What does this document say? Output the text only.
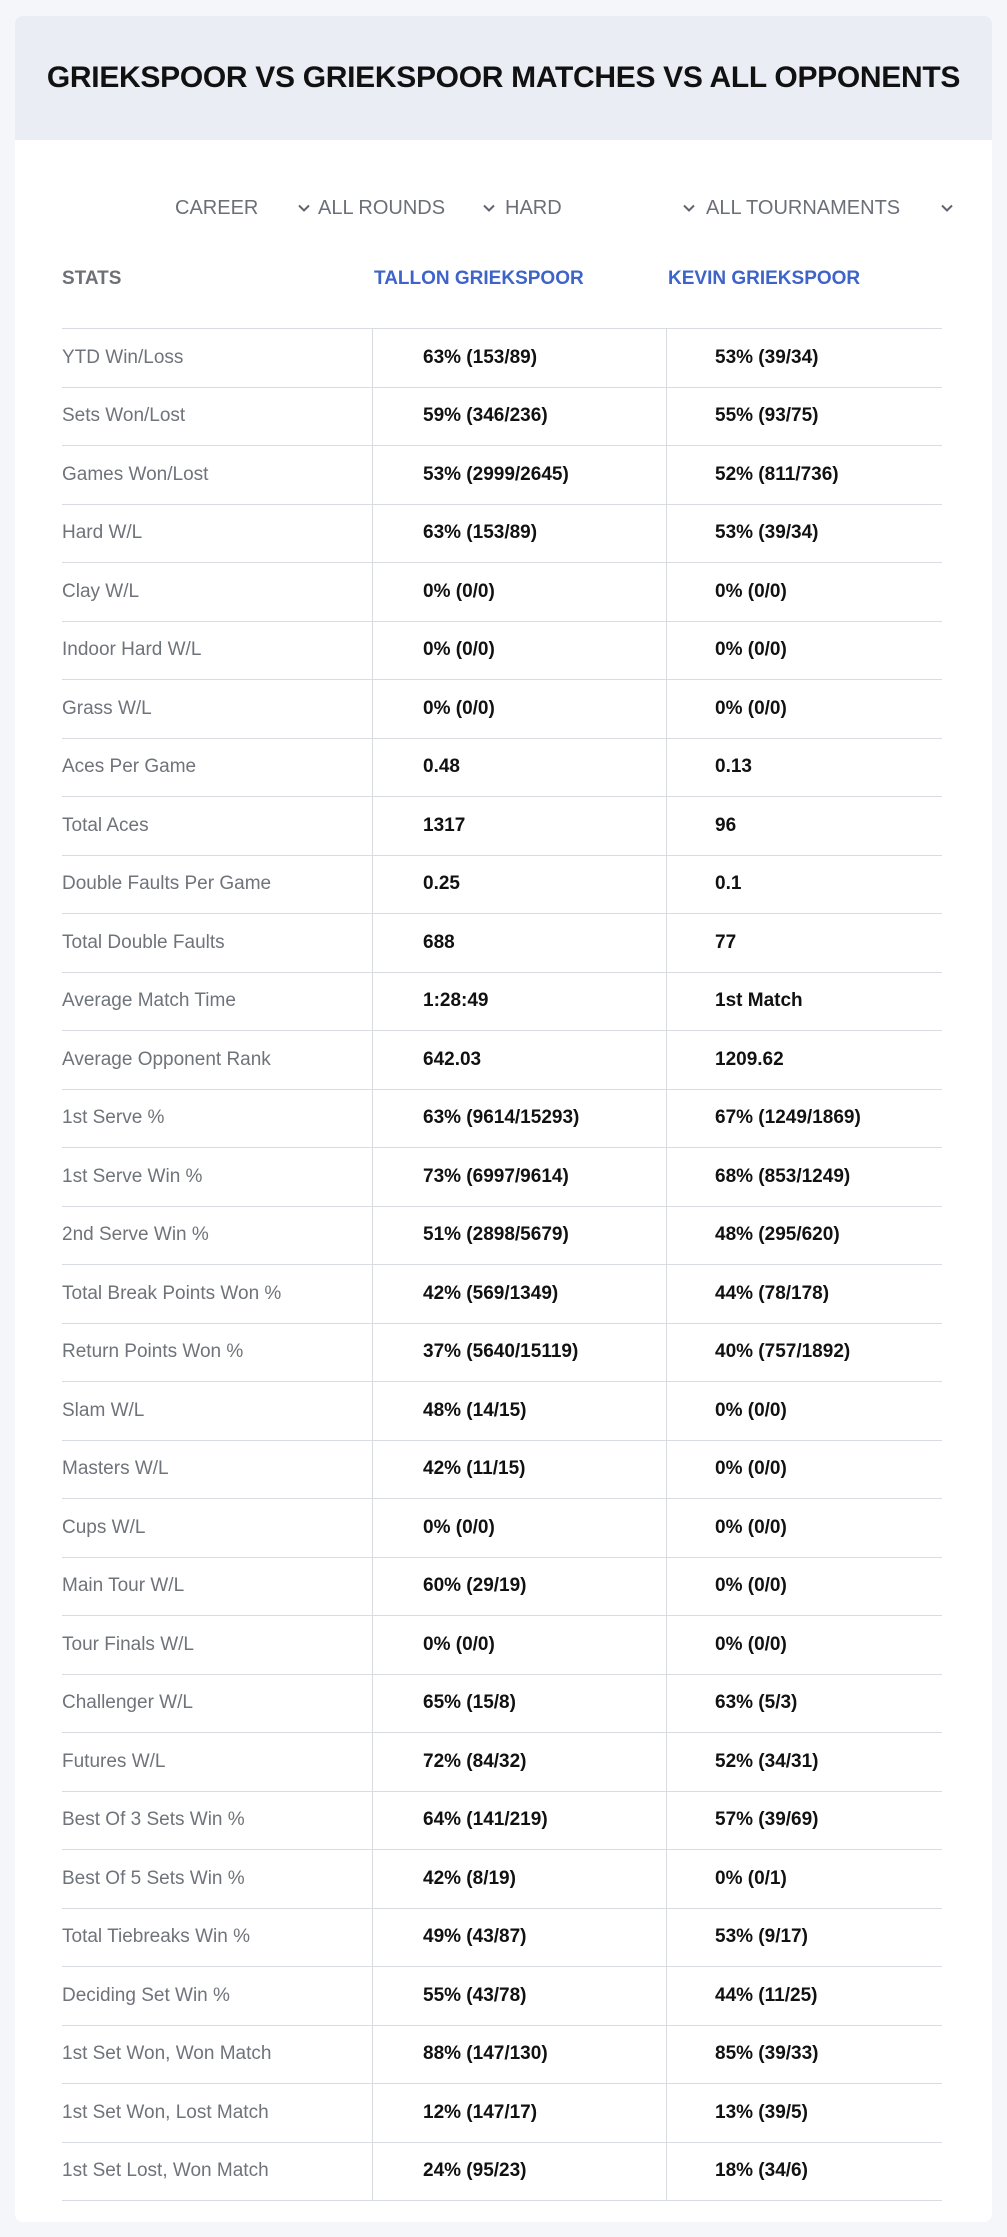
GRIEKSPOOR VS GRIEKSPOOR MATCHES VS ALL OPPONENTS
CAREER	ALL ROUNDS	HARD	ALL TOURNAMENTS
STATS	TALLON GRIEKSPOOR	KEVIN GRIEKSPOOR
YTD Win/Loss	63% (153/89)	53% (39/34)
Sets Won/Lost	59% (346/236)	55% (93/75)
Games Won/Lost	53% (2999/2645)	52% (811/736)
Hard W/L	63% (153/89)	53% (39/34)
Clay W/L	0% (0/0)	0% (0/0)
Indoor Hard W/L	0% (0/0)	0% (0/0)
Grass W/L	0% (0/0)	0% (0/0)
Aces Per Game	0.48	0.13
Total Aces	1317	96
Double Faults Per Game	0.25	0.1
Total Double Faults	688	77
Average Match Time	1:28:49	1st Match
Average Opponent Rank	642.03	1209.62
1st Serve %	63% (9614/15293)	67% (1249/1869)
1st Serve Win %	73% (6997/9614)	68% (853/1249)
2nd Serve Win %	51% (2898/5679)	48% (295/620)
Total Break Points Won %	42% (569/1349)	44% (78/178)
Return Points Won %	37% (5640/15119)	40% (757/1892)
Slam W/L	48% (14/15)	0% (0/0)
Masters W/L	42% (11/15)	0% (0/0)
Cups W/L	0% (0/0)	0% (0/0)
Main Tour W/L	60% (29/19)	0% (0/0)
Tour Finals W/L	0% (0/0)	0% (0/0)
Challenger W/L	65% (15/8)	63% (5/3)
Futures W/L	72% (84/32)	52% (34/31)
Best Of 3 Sets Win %	64% (141/219)	57% (39/69)
Best Of 5 Sets Win %	42% (8/19)	0% (0/1)
Total Tiebreaks Win %	49% (43/87)	53% (9/17)
Deciding Set Win %	55% (43/78)	44% (11/25)
1st Set Won, Won Match	88% (147/130)	85% (39/33)
1st Set Won, Lost Match	12% (147/17)	13% (39/5)
1st Set Lost, Won Match	24% (95/23)	18% (34/6)
